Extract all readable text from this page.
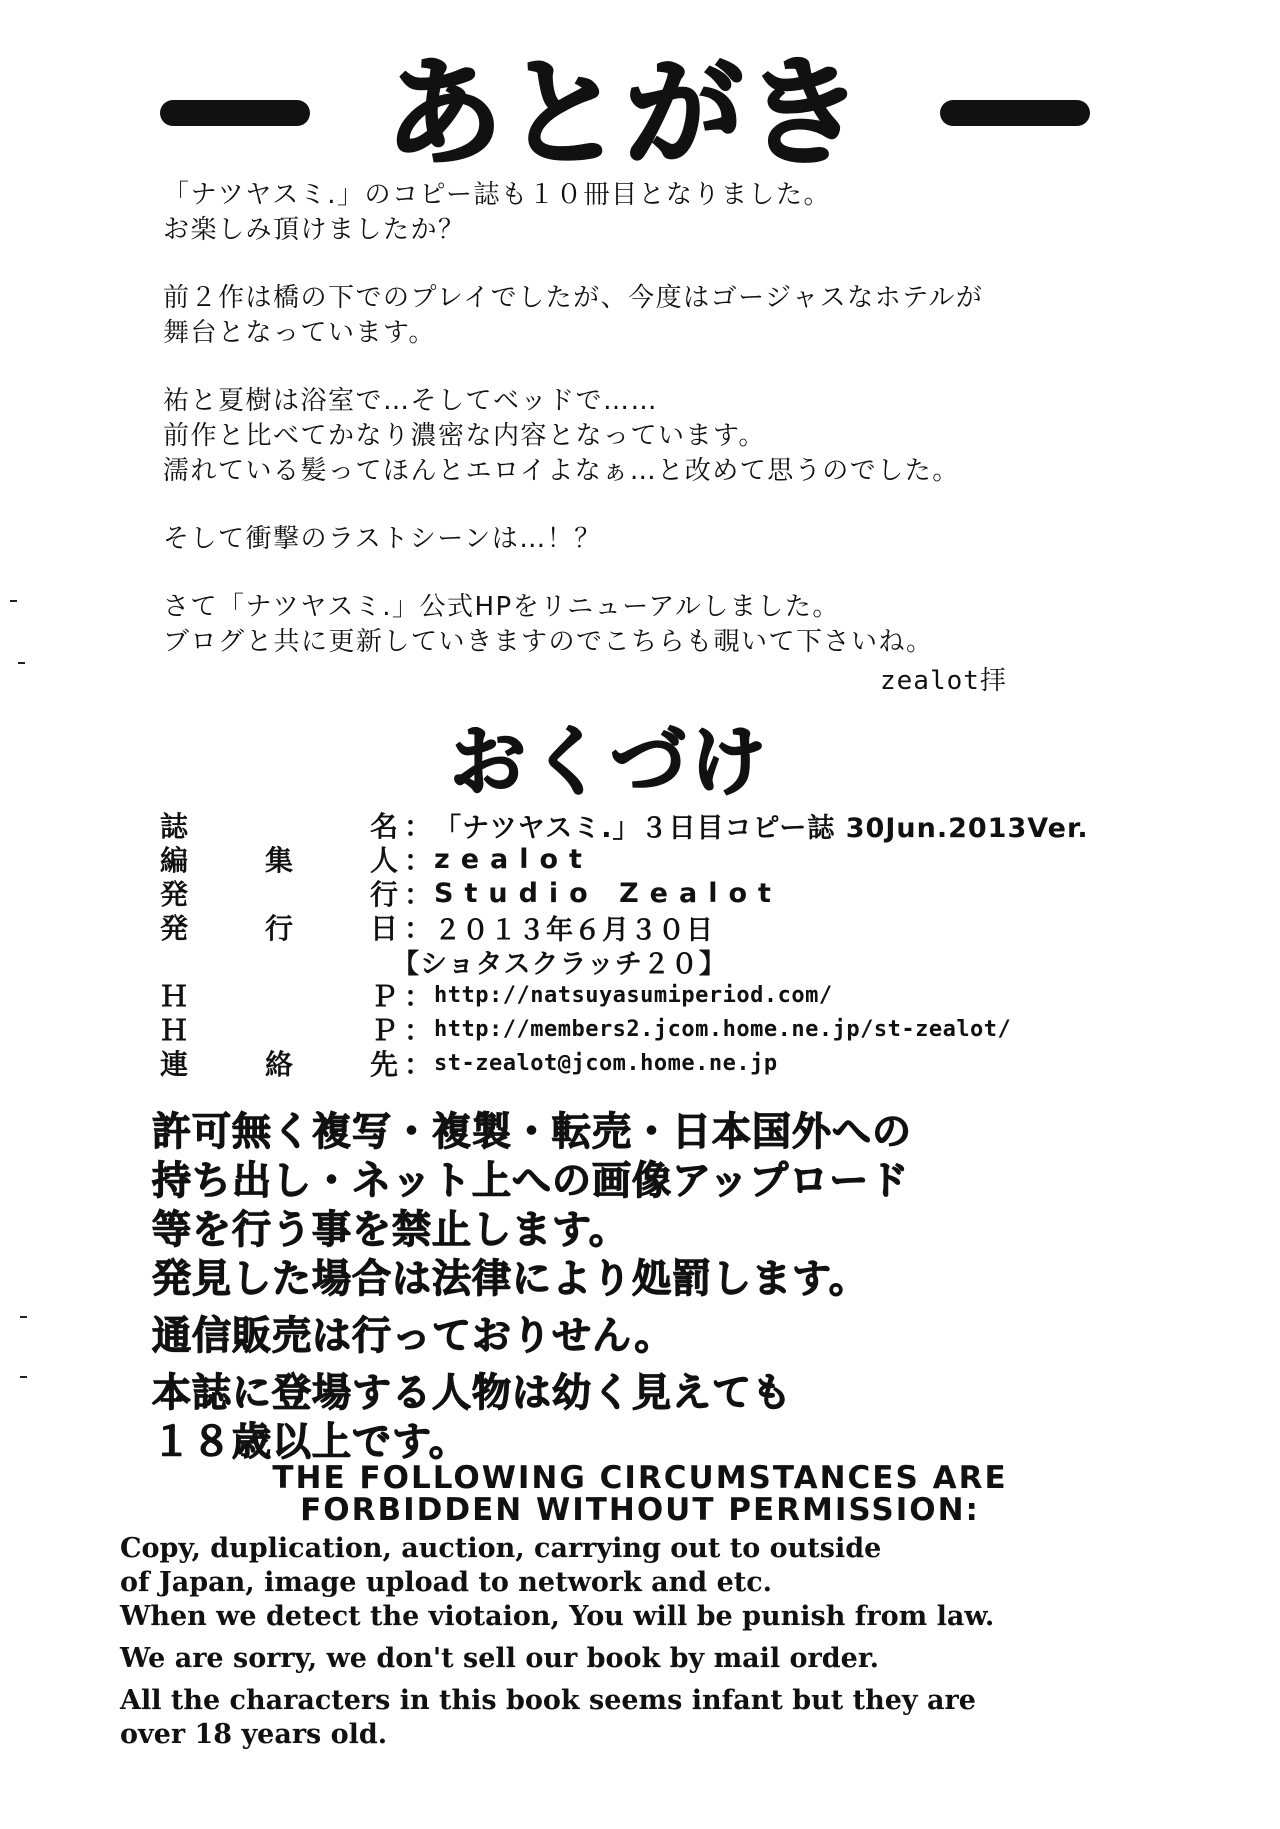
あとがき
「ナツヤスミ.」のコピー誌も１０冊目となりました。
お楽しみ頂けましたか？
前２作は橋の下でのプレイでしたが、今度はゴージャスなホテルが
舞台となっています。
祐と夏樹は浴室で…そしてベッドで……
前作と比べてかなり濃密な内容となっています。
濡れている髪ってほんとエロイよなぁ…と改めて思うのでした。
そして衝撃のラストシーンは…！？
さて「ナツヤスミ.」公式HPをリニューアルしました。
ブログと共に更新していきますのでこちらも覗いて下さいね。
zealot拝
おくづけ
誌	名 ： 「ナツヤスミ.」３日目コピー誌 30Jun.2013Ver.
編	集	人 ： zealot
発	行 ： Studio Zealot
発	行	日 ： ２０１３年６月３０日
【ショタスクラッチ２０】
Ｈ	Ｐ ： http://natsuyasumiperiod.com/
Ｈ	Ｐ ： http://members2.jcom.home.ne.jp/st-zealot/
連	絡	先 ： st-zealot@jcom.home.ne.jp
許可無く複写・複製・転売・日本国外への
持ち出し・ネット上への画像アップロード
等を行う事を禁止します。
発見した場合は法律により処罰します。
通信販売は行っておりせん。
本誌に登場する人物は幼く見えても
１８歳以上です。
THE FOLLOWING CIRCUMSTANCES ARE
FORBIDDEN WITHOUT PERMISSION:
Copy, duplication, auction, carrying out to outside
of Japan, image upload to network and etc.
When we detect the viotaion, You will be punish from law.
We are sorry, we don't sell our book by mail order.
All the characters in this book seems infant but they are
over 18 years old.
